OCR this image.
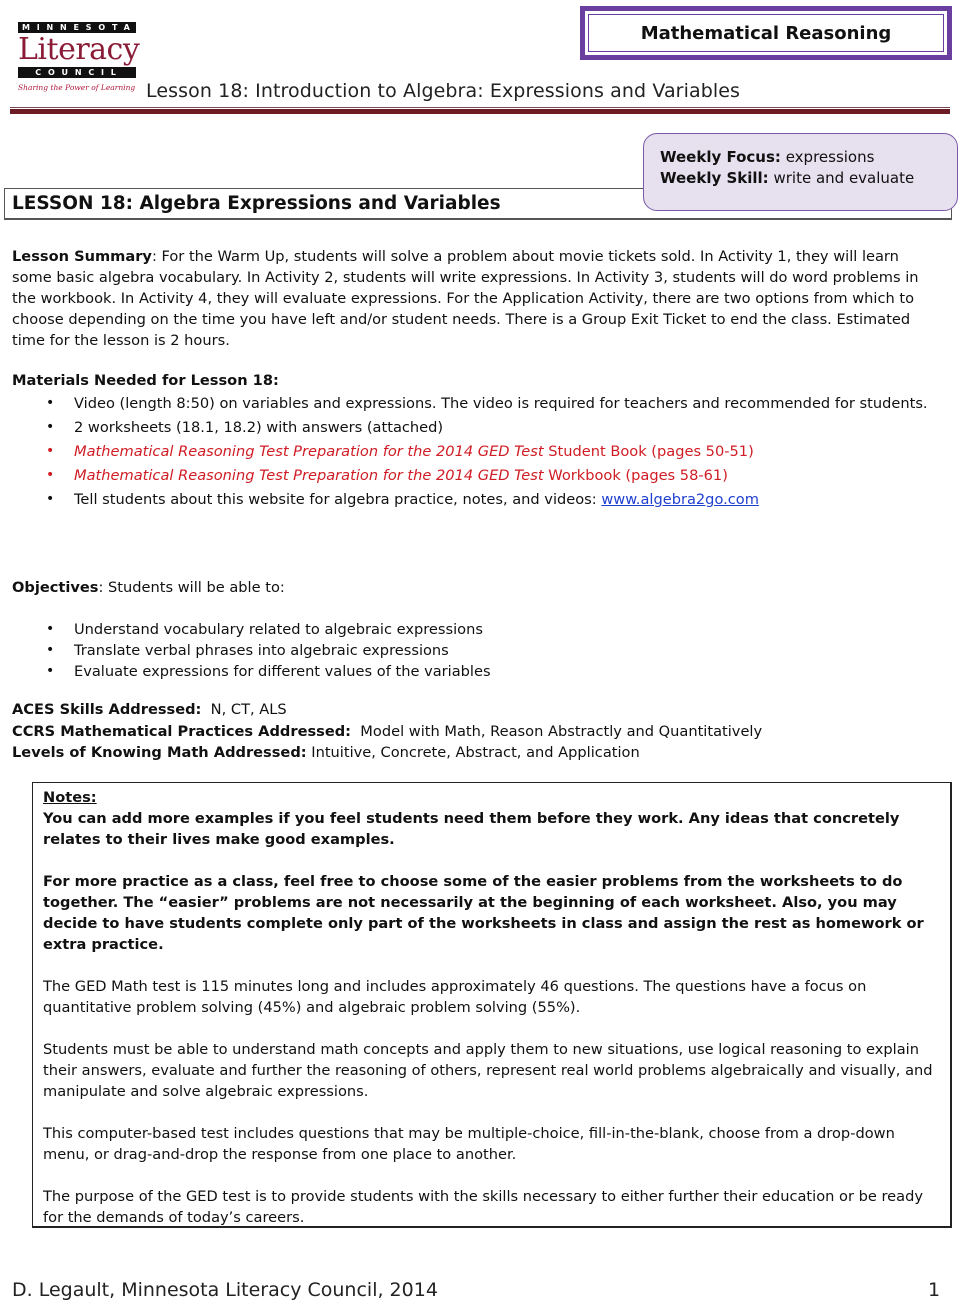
MINNESOTA
Literacy
COUNCIL
Sharing the Power of Learning
Mathematical Reasoning
Lesson 18: Introduction to Algebra: Expressions and Variables
LESSON 18: Algebra Expressions and Variables
Weekly Focus: expressions
Weekly Skill: write and evaluate
Lesson Summary: For the Warm Up, students will solve a problem about movie tickets sold. In Activity 1, they will learn some basic algebra vocabulary. In Activity 2, students will write expressions. In Activity 3, students will do word problems in the workbook. In Activity 4, they will evaluate expressions. For the Application Activity, there are two options from which to choose depending on the time you have left and/or student needs. There is a Group Exit Ticket to end the class. Estimated time for the lesson is 2 hours.
Materials Needed for Lesson 18:
• Video (length 8:50) on variables and expressions. The video is required for teachers and recommended for students.
• 2 worksheets (18.1, 18.2) with answers (attached)
• Mathematical Reasoning Test Preparation for the 2014 GED Test Student Book (pages 50-51)
• Mathematical Reasoning Test Preparation for the 2014 GED Test Workbook (pages 58-61)
• Tell students about this website for algebra practice, notes, and videos: www.algebra2go.com
Objectives: Students will be able to:
• Understand vocabulary related to algebraic expressions
• Translate verbal phrases into algebraic expressions
• Evaluate expressions for different values of the variables
ACES Skills Addressed:  N, CT, ALS
CCRS Mathematical Practices Addressed:  Model with Math, Reason Abstractly and Quantitatively
Levels of Knowing Math Addressed: Intuitive, Concrete, Abstract, and Application
Notes:

You can add more examples if you feel students need them before they work. Any ideas that concretely relates to their lives make good examples.

For more practice as a class, feel free to choose some of the easier problems from the worksheets to do together. The “easier” problems are not necessarily at the beginning of each worksheet. Also, you may decide to have students complete only part of the worksheets in class and assign the rest as homework or extra practice.

The GED Math test is 115 minutes long and includes approximately 46 questions. The questions have a focus on quantitative problem solving (45%) and algebraic problem solving (55%).

Students must be able to understand math concepts and apply them to new situations, use logical reasoning to explain their answers, evaluate and further the reasoning of others, represent real world problems algebraically and visually, and manipulate and solve algebraic expressions.

This computer-based test includes questions that may be multiple-choice, fill-in-the-blank, choose from a drop-down menu, or drag-and-drop the response from one place to another.

The purpose of the GED test is to provide students with the skills necessary to either further their education or be ready for the demands of today’s careers.

D. Legault, Minnesota Literacy Council, 2014	1
